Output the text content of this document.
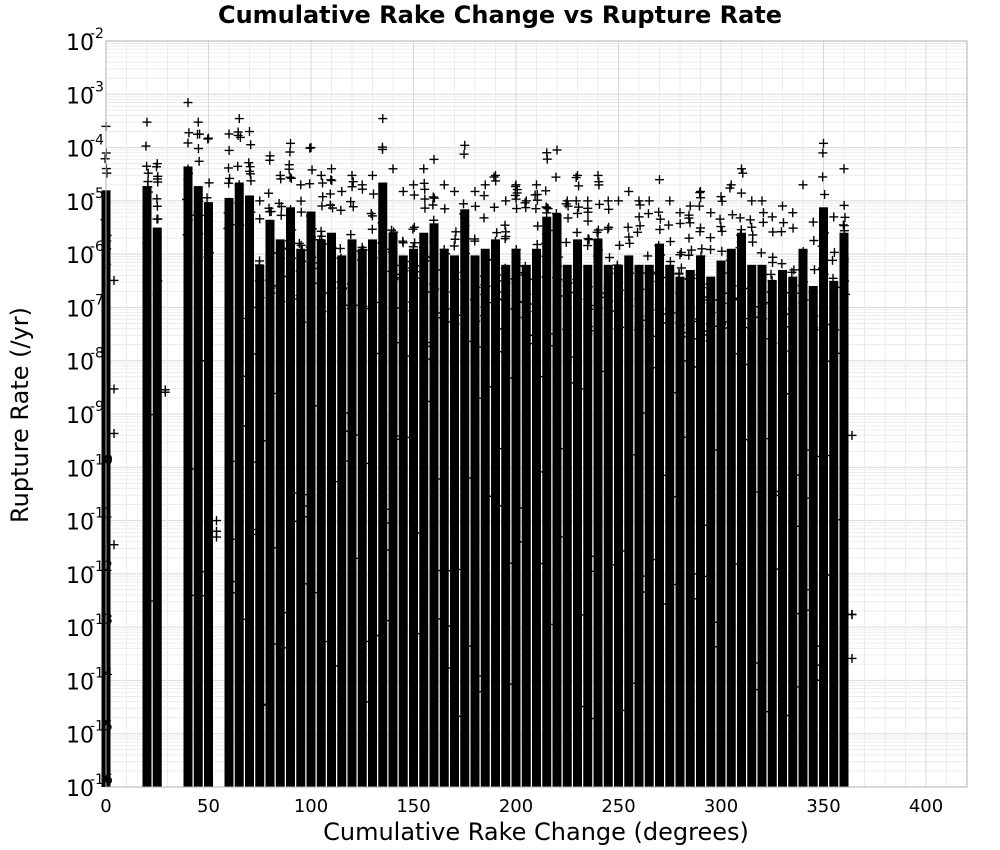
Cumulative Rake Change vs Rupture Rate
0	50	100	150	200	250	300	350	400
10
-2
10
-3
10
-4
10
-5
10
-6
10
-7
10
-8
10
-9
10
-10
10
-11
10
-12
10
-13
10
-14
10
-15
10
-16
Cumulative Rake Change (degrees)
Rupture Rate (/yr)
